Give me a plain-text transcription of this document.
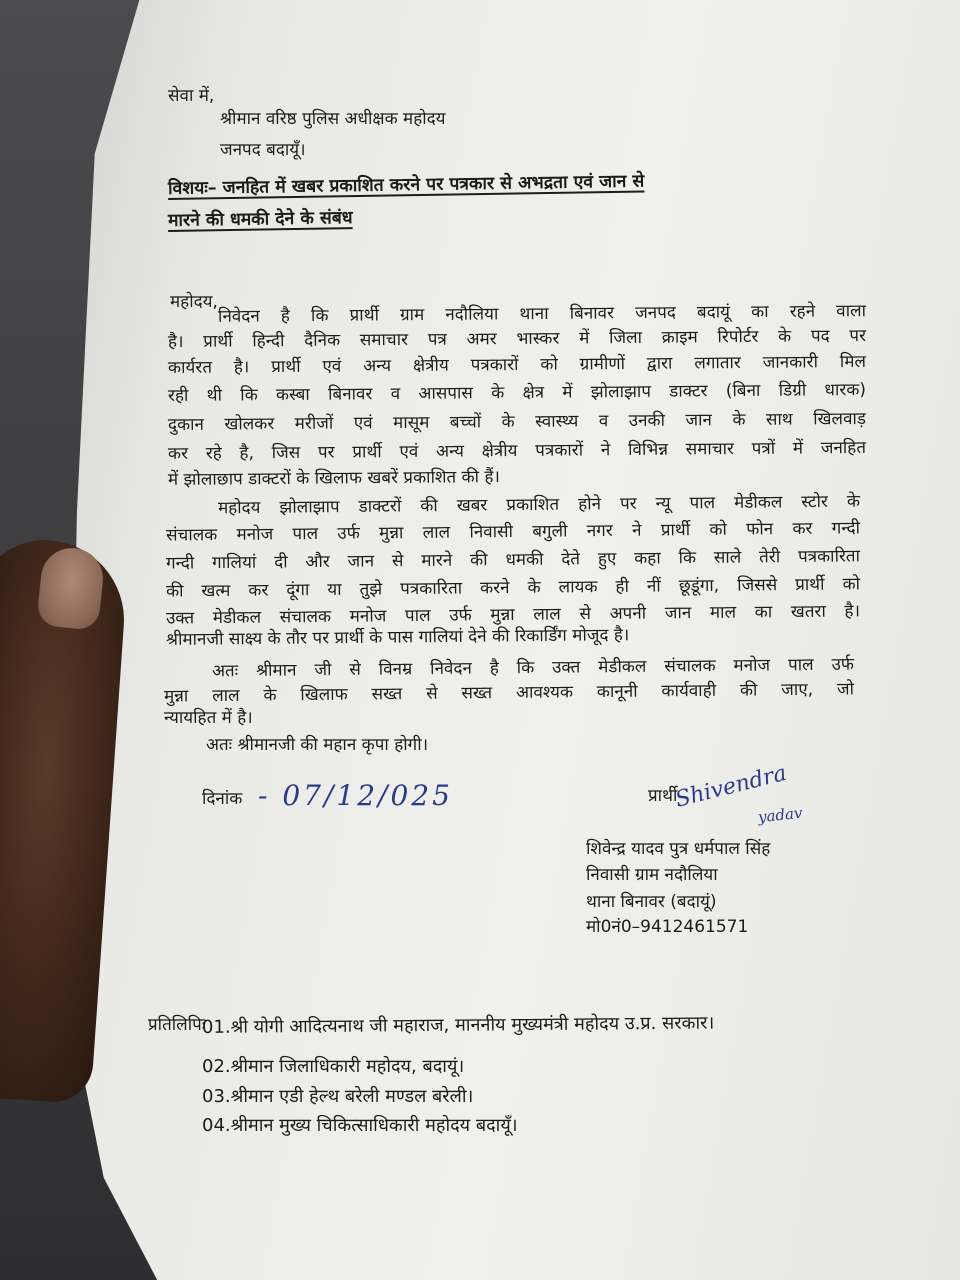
सेवा में,
श्रीमान वरिष्ठ पुलिस अधीक्षक महोदय
जनपद बदायूँ।
विशयः– जनहित में खबर प्रकाशित करने पर पत्रकार से अभद्रता एवं जान से
मारने की धमकी देने के संबंध
महोदय, निवेदन है कि प्रार्थी ग्राम नदौलिया थाना बिनावर जनपद बदायूं का रहने वाला
है। प्रार्थी हिन्दी दैनिक समाचार पत्र अमर भास्कर में जिला क्राइम रिपोर्टर के पद पर
कार्यरत है। प्रार्थी एवं अन्य क्षेत्रीय पत्रकारों को ग्रामीणों द्वारा लगातार जानकारी मिल
रही थी कि कस्बा बिनावर व आसपास के क्षेत्र में झोलाझाप डाक्टर (बिना डिग्री धारक)
दुकान खोलकर मरीजों एवं मासूम बच्चों के स्वास्थ्य व उनकी जान के साथ खिलवाड़
कर रहे है, जिस पर प्रार्थी एवं अन्य क्षेत्रीय पत्रकारों ने विभिन्न समाचार पत्रों में जनहित
में झोलाछाप डाक्टरों के खिलाफ खबरें प्रकाशित की हैं।
महोदय झोलाझाप डाक्टरों की खबर प्रकाशित होने पर न्यू पाल मेडीकल स्टोर के
संचालक मनोज पाल उर्फ मुन्ना लाल निवासी बगुली नगर ने प्रार्थी को फोन कर गन्दी
गन्दी गालियां दी और जान से मारने की धमकी देते हुए कहा कि साले तेरी पत्रकारिता
की खत्म कर दूंगा या तुझे पत्रकारिता करने के लायक ही नीं छूडूंगा, जिससे प्रार्थी को
उक्त मेडीकल संचालक मनोज पाल उर्फ मुन्ना लाल से अपनी जान माल का खतरा है।
श्रीमानजी साक्ष्य के तौर पर प्रार्थी के पास गालियां देने की रिकार्डिंग मोजूद है।
अतः श्रीमान जी से विनम्र निवेदन है कि उक्त मेडीकल संचालक मनोज पाल उर्फ
मुन्ना लाल के खिलाफ सख्त से सख्त आवश्यक कानूनी कार्यवाही की जाए, जो
न्यायहित में है।
अतः श्रीमानजी की महान कृपा होगी।
दिनांक - 07/12/025	प्रार्थी
Shivendra
yadav
शिवेन्द्र यादव पुत्र धर्मपाल सिंह
निवासी ग्राम नदौलिया
थाना बिनावर (बदायूं)
मो0नं0–9412461571
प्रतिलिपिः
01.श्री योगी आदित्यनाथ जी महाराज, माननीय मुख्यमंत्री महोदय उ.प्र. सरकार।
02.श्रीमान जिलाधिकारी महोदय, बदायूं।
03.श्रीमान एडी हेल्थ बरेली मण्डल बरेली।
04.श्रीमान मुख्य चिकित्साधिकारी महोदय बदायूँ।
